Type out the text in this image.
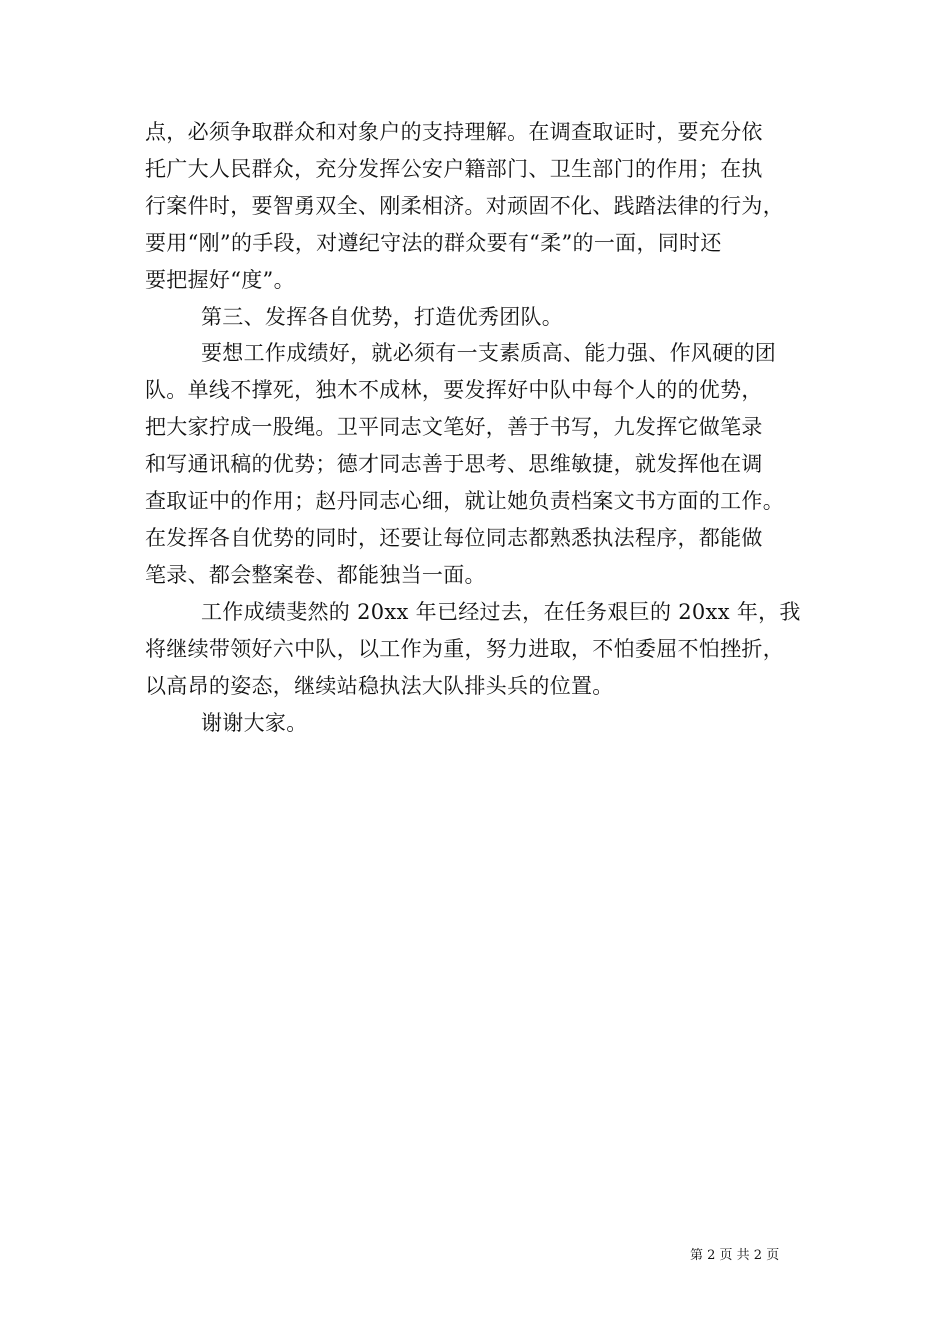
点，必须争取群众和对象户的支持理解。在调查取证时，要充分依
托广大人民群众，充分发挥公安户籍部门、卫生部门的作用；在执
行案件时，要智勇双全、刚柔相济。对顽固不化、践踏法律的行为，
要用“刚”的手段，对遵纪守法的群众要有“柔”的一面，同时还
要把握好“度”。
第三、发挥各自优势，打造优秀团队。
要想工作成绩好，就必须有一支素质高、能力强、作风硬的团
队。单线不撑死，独木不成林，要发挥好中队中每个人的的优势，
把大家拧成一股绳。卫平同志文笔好，善于书写，九发挥它做笔录
和写通讯稿的优势；德才同志善于思考、思维敏捷，就发挥他在调
查取证中的作用；赵丹同志心细，就让她负责档案文书方面的工作。
在发挥各自优势的同时，还要让每位同志都熟悉执法程序，都能做
笔录、都会整案卷、都能独当一面。
工作成绩斐然的 20xx 年已经过去，在任务艰巨的 20xx 年，我
将继续带领好六中队，以工作为重，努力进取，不怕委屈不怕挫折，
以高昂的姿态，继续站稳执法大队排头兵的位置。
谢谢大家。
第 2 页 共 2 页
